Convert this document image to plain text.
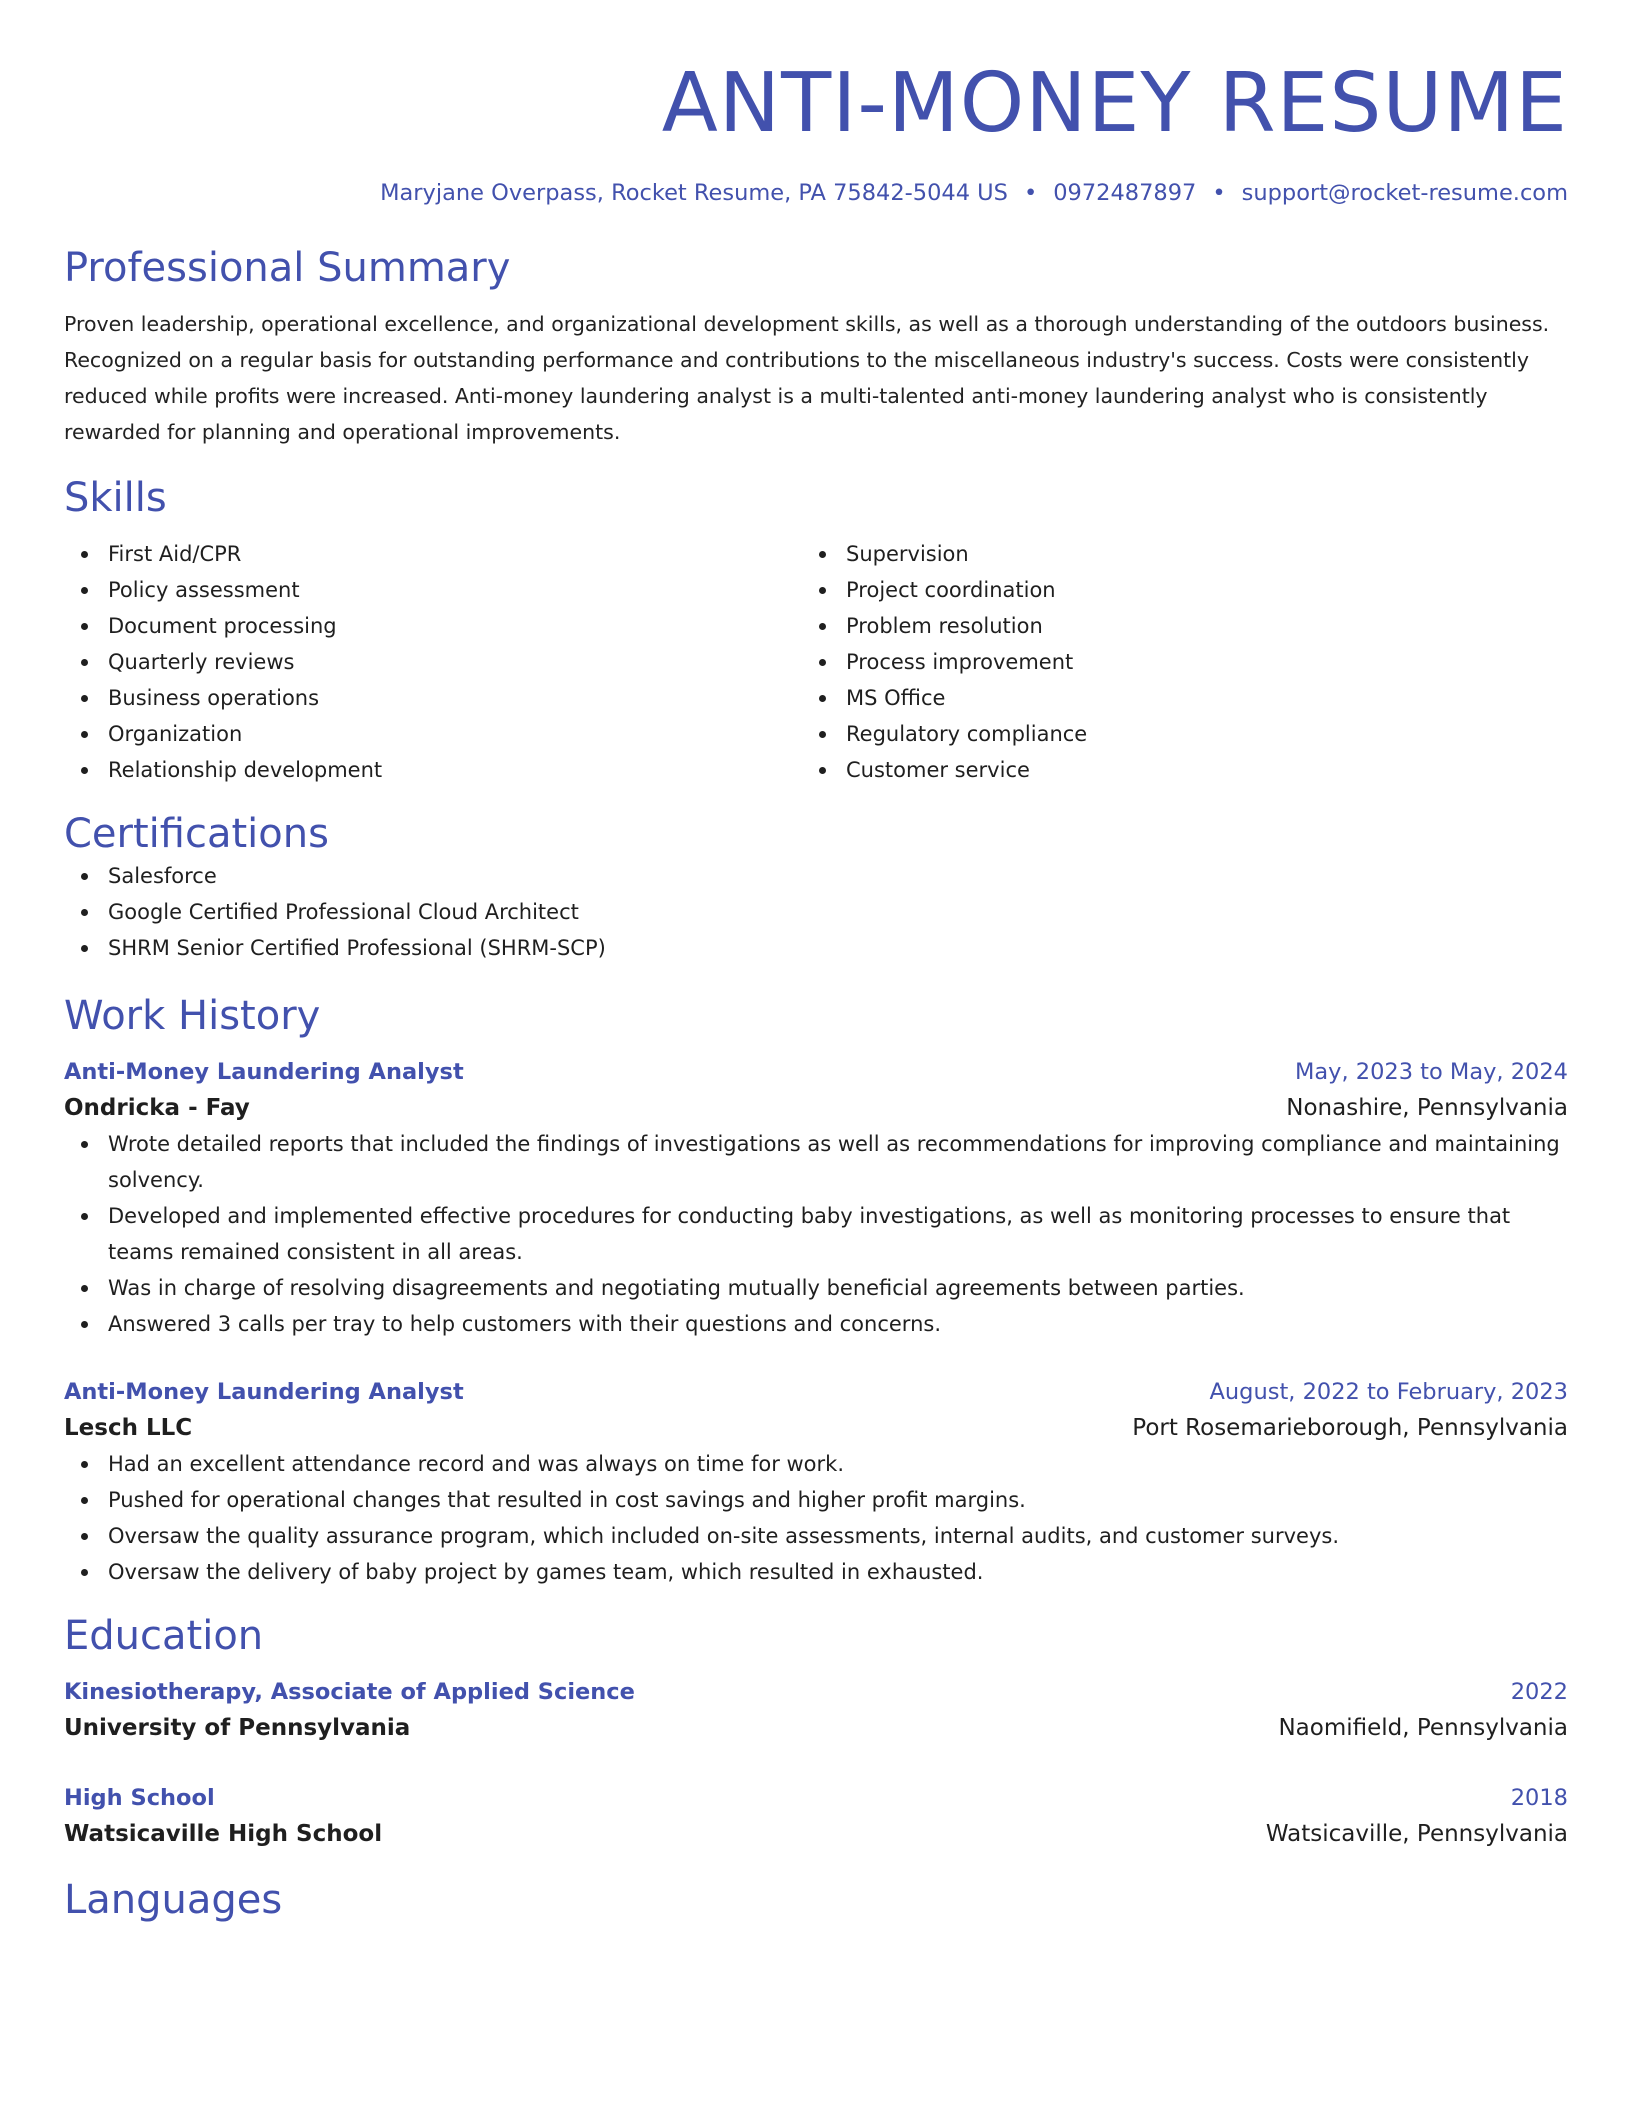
ANTI-MONEY RESUME
Maryjane Overpass, Rocket Resume, PA 75842-5044 US • 0972487897 • support@rocket-resume.com
Professional Summary

Proven leadership, operational excellence, and organizational development skills, as well as a thorough understanding of the outdoors business. Recognized on a regular basis for outstanding performance and contributions to the miscellaneous industry's success. Costs were consistently reduced while profits were increased. Anti-money laundering analyst is a multi-talented anti-money laundering analyst who is consistently rewarded for planning and operational improvements.

Skills
First Aid/CPR
Policy assessment
Document processing
Quarterly reviews
Business operations
Organization
Relationship development
Supervision
Project coordination
Problem resolution
Process improvement
MS Office
Regulatory compliance
Customer service
Certifications
Salesforce
Google Certified Professional Cloud Architect
SHRM Senior Certified Professional (SHRM-SCP)
Work History
Anti-Money Laundering Analyst	May, 2023 to May, 2024
Ondricka - Fay	Nonashire, Pennsylvania
Wrote detailed reports that included the findings of investigations as well as recommendations for improving compliance and maintaining solvency.
Developed and implemented effective procedures for conducting baby investigations, as well as monitoring processes to ensure that teams remained consistent in all areas.
Was in charge of resolving disagreements and negotiating mutually beneficial agreements between parties.
Answered 3 calls per tray to help customers with their questions and concerns.
Anti-Money Laundering Analyst	August, 2022 to February, 2023
Lesch LLC	Port Rosemarieborough, Pennsylvania
Had an excellent attendance record and was always on time for work.
Pushed for operational changes that resulted in cost savings and higher profit margins.
Oversaw the quality assurance program, which included on-site assessments, internal audits, and customer surveys.
Oversaw the delivery of baby project by games team, which resulted in exhausted.
Education
Kinesiotherapy, Associate of Applied Science	2022
University of Pennsylvania	Naomifield, Pennsylvania
High School	2018
Watsicaville High School	Watsicaville, Pennsylvania
Languages
